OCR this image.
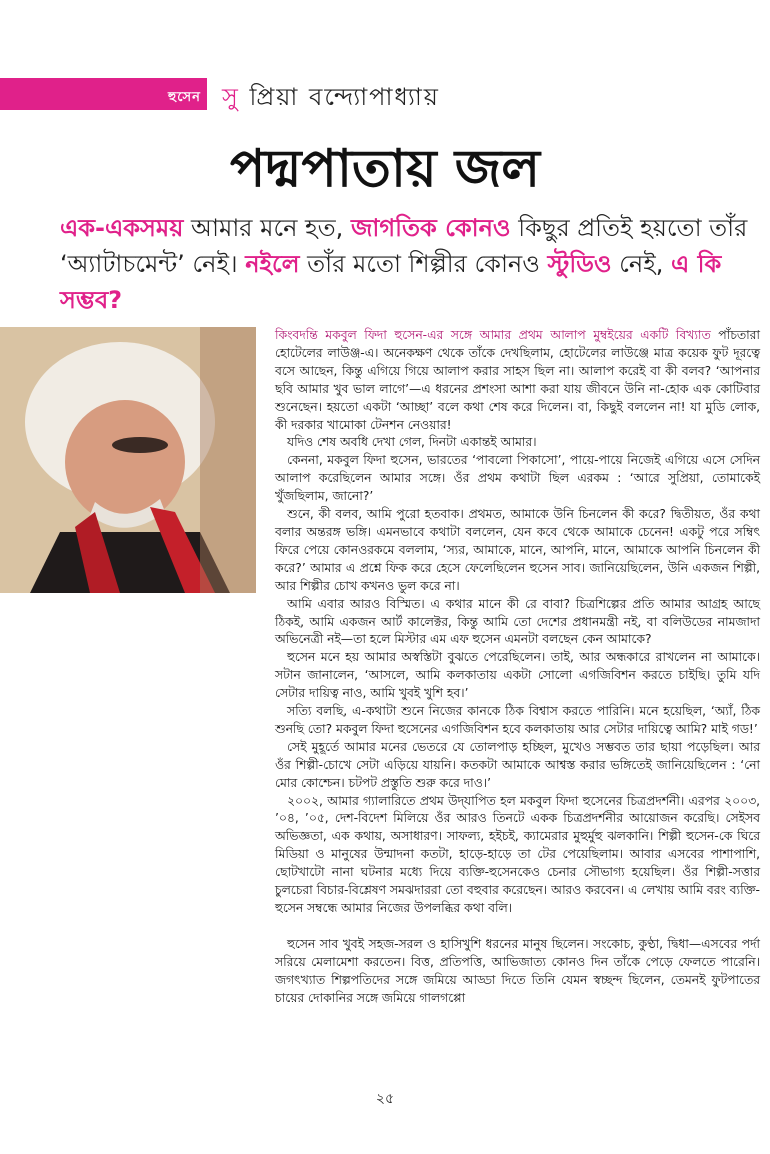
হুসেন সু প্রিয়া বন্দ্যোপাধ্যায়
পদ্মপাতায় জল
এক-একসময় আমার মনে হত, জাগতিক কোনও কিছুর প্রতিই হয়তো তাঁর ‘অ্যাটাচমেন্ট’ নেই। নইলে তাঁর মতো শিল্পীর কোনও স্টুডিও নেই, এ কি সম্ভব?

কিংবদন্তি মকবুল ফিদা হুসেন-এর সঙ্গে আমার প্রথম আলাপ মুম্বইয়ের একটি বিখ্যাত পাঁচতারা হোটেলের লাউঞ্জ-এ। অনেকক্ষণ থেকে তাঁকে দেখছিলাম, হোটেলের লাউঞ্জে মাত্র কয়েক ফুট দূরত্বে বসে আছেন, কিন্তু এগিয়ে গিয়ে আলাপ করার সাহস ছিল না। আলাপ করেই বা কী বলব? ‘আপনার ছবি আমার খুব ভাল লাগে’—এ ধরনের প্রশংসা আশা করা যায় জীবনে উনি না-হোক এক কোটিবার শুনেছেন। হয়তো একটা ‘আচ্ছা’ বলে কথা শেষ করে দিলেন। বা, কিছুই বললেন না! যা মুডি লোক, কী দরকার খামোকা টেনশন নেওয়ার!

যদিও শেষ অবধি দেখা গেল, দিনটা একান্তই আমার।

কেননা, মকবুল ফিদা হুসেন, ভারতের ‘পাবলো পিকাসো’, পায়ে-পায়ে নিজেই এগিয়ে এসে সেদিন আলাপ করেছিলেন আমার সঙ্গে। ওঁর প্রথম কথাটা ছিল এরকম : ‘আরে সুপ্রিয়া, তোমাকেই খুঁজছিলাম, জানো?’

শুনে, কী বলব, আমি পুরো হতবাক। প্রথমত, আমাকে উনি চিনলেন কী করে? দ্বিতীয়ত, ওঁর কথা বলার অন্তরঙ্গ ভঙ্গি। এমনভাবে কথাটা বললেন, যেন কবে থেকে আমাকে চেনেন! একটু পরে সম্বিৎ ফিরে পেয়ে কোনওরকমে বললাম, ‘স্যর, আমাকে, মানে, আপনি, মানে, আমাকে আপনি চিনলেন কী করে?’ আমার এ প্রশ্নে ফিক করে হেসে ফেলেছিলেন হুসেন সাব। জানিয়েছিলেন, উনি একজন শিল্পী, আর শিল্পীর চোখ কখনও ভুল করে না।

আমি এবার আরও বিস্মিত। এ কথার মানে কী রে বাবা? চিত্রশিল্পের প্রতি আমার আগ্রহ আছে ঠিকই, আমি একজন আর্ট কালেক্টর, কিন্তু আমি তো দেশের প্রধানমন্ত্রী নই, বা বলিউডের নামজাদা অভিনেত্রী নই—তা হলে মিস্টার এম এফ হুসেন এমনটা বলছেন কেন আমাকে?

হুসেন মনে হয় আমার অস্বস্তিটা বুঝতে পেরেছিলেন। তাই, আর অন্ধকারে রাখলেন না আমাকে। সটান জানালেন, ‘আসলে, আমি কলকাতায় একটা সোলো এগজিবিশন করতে চাইছি। তুমি যদি সেটার দায়িত্ব নাও, আমি খুবই খুশি হব।’

সত্যি বলছি, এ-কথাটা শুনে নিজের কানকে ঠিক বিশ্বাস করতে পারিনি। মনে হয়েছিল, ‘অ্যাঁ, ঠিক শুনছি তো? মকবুল ফিদা হুসেনের এগজিবিশন হবে কলকাতায় আর সেটার দায়িত্বে আমি? মাই গড!’

সেই মুহূর্তে আমার মনের ভেতরে যে তোলপাড় হচ্ছিল, মুখেও সম্ভবত তার ছায়া পড়েছিল। আর ওঁর শিল্পী-চোখে সেটা এড়িয়ে যায়নি। কতকটা আমাকে আশ্বস্ত করার ভঙ্গিতেই জানিয়েছিলেন : ‘নো মোর কোশ্চেন। চটপট প্রস্তুতি শুরু করে দাও।’

২০০২, আমার গ্যালারিতে প্রথম উদ্‌যাপিত হল মকবুল ফিদা হুসেনের চিত্রপ্রদর্শনী। এরপর ২০০৩, ’০৪, ’০৫, দেশ-বিদেশ মিলিয়ে ওঁর আরও তিনটে একক চিত্রপ্রদর্শনীর আয়োজন করেছি। সেইসব অভিজ্ঞতা, এক কথায়, অসাধারণ। সাফল্য, হইচই, ক্যামেরার মুহুর্মুহু ঝলকানি। শিল্পী হুসেন-কে ঘিরে মিডিয়া ও মানুষের উন্মাদনা কতটা, হাড়ে-হাড়ে তা টের পেয়েছিলাম। আবার এসবের পাশাপাশি, ছোটখাটো নানা ঘটনার মধ্যে দিয়ে ব্যক্তি-হুসেনকেও চেনার সৌভাগ্য হয়েছিল। ওঁর শিল্পী-সত্তার চুলচেরা বিচার-বিশ্লেষণ সমঝদাররা তো বহুবার করেছেন। আরও করবেন। এ লেখায় আমি বরং ব্যক্তি-হুসেন সম্বন্ধে আমার নিজের উপলব্ধির কথা বলি।

হুসেন সাব খুবই সহজ-সরল ও হাসিখুশি ধরনের মানুষ ছিলেন। সংকোচ, কুণ্ঠা, দ্বিধা—এসবের পর্দা সরিয়ে মেলামেশা করতেন। বিত্ত, প্রতিপত্তি, আভিজাত্য কোনও দিন তাঁকে পেড়ে ফেলতে পারেনি। জগৎখ্যাত শিল্পপতিদের সঙ্গে জমিয়ে আড্ডা দিতে তিনি যেমন স্বচ্ছন্দ ছিলেন, তেমনই ফুটপাতের চায়ের দোকানির সঙ্গে জমিয়ে গালগপ্পো

২৫
